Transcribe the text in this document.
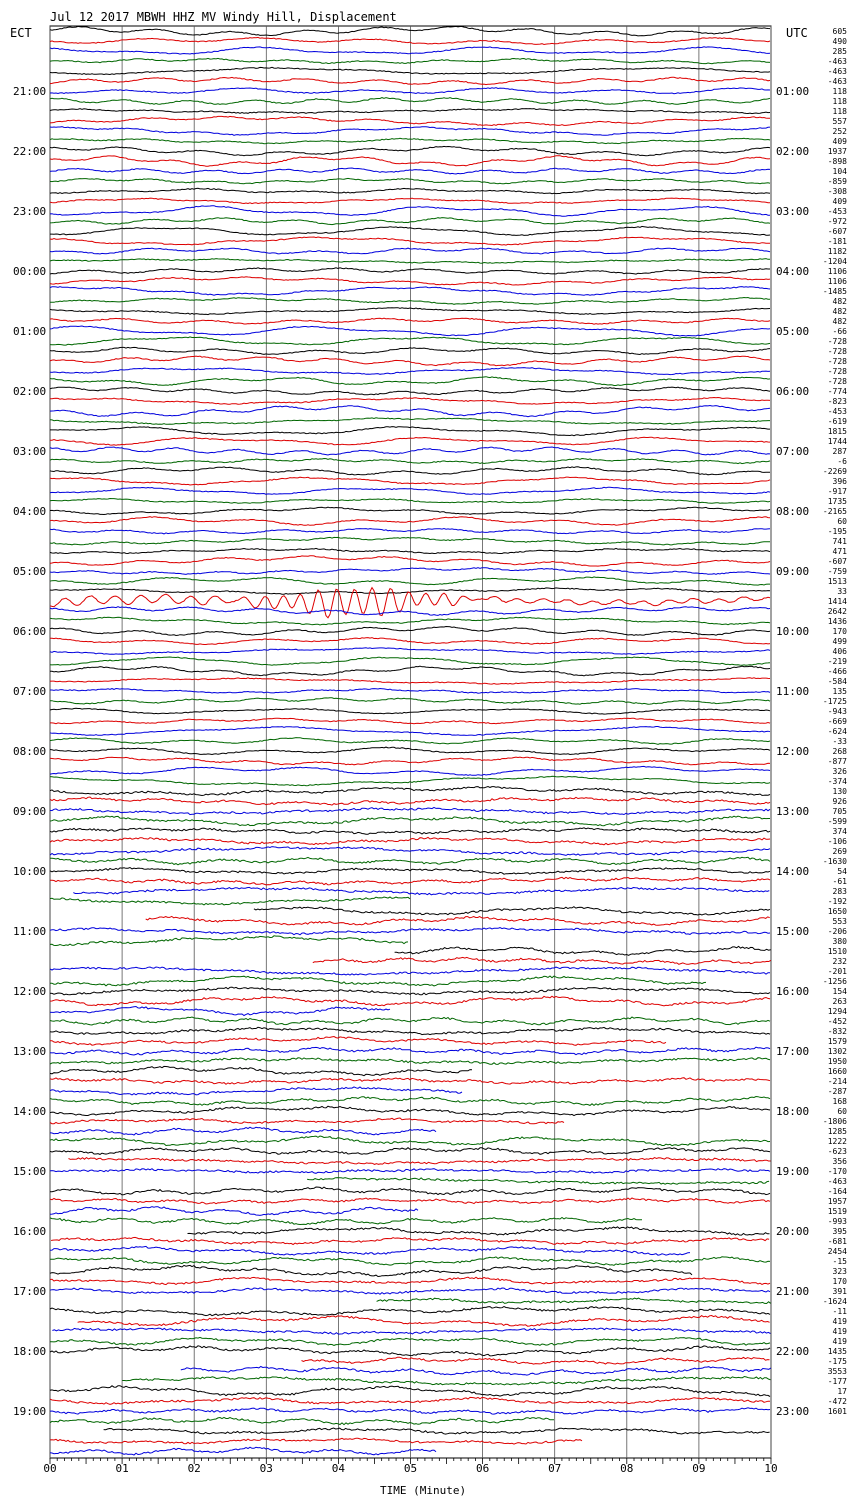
Jul 12 2017 MBWH HHZ MV Windy Hill, Displacement
ECT	UTC
00	01	02	03	04	05	06	07	08	09	10
21:00
22:00
23:00
00:00
01:00
02:00
03:00
04:00
05:00
06:00
07:00
08:00
09:00
10:00
11:00
12:00
13:00
14:00
15:00
16:00
17:00
18:00
19:00
01:00
02:00
03:00
04:00
05:00
06:00
07:00
08:00
09:00
10:00
11:00
12:00
13:00
14:00
15:00
16:00
17:00
18:00
19:00
20:00
21:00
22:00
23:00
605
490
285
-463
-463
-463
118
118
118
557
252
409
1937
-898
104
-859
-308
409
-453
-972
-607
-181
1182
-1204
1106
1106
-1485
482
482
482
-66
-728
-728
-728
-728
-728
-774
-823
-453
-619
1815
1744
287
-6
-2269
396
-917
1735
-2165
60
-195
741
471
-607
-759
1513
33
1414
2642
1436
170
499
406
-219
-466
-584
135
-1725
-943
-669
-624
-33
268
-877
326
-374
130
926
705
-599
374
-106
269
-1630
54
-61
283
-192
1650
553
-206
380
1510
232
-201
-1256
154
263
1294
-452
-832
1579
1302
1950
1660
-214
-287
168
60
-1806
1285
1222
-623
356
-170
-463
-164
1957
1519
-993
395
-681
2454
-15
323
170
391
-1624
-11
419
419
419
1435
-175
3553
-177
17
-472
1601
TIME (Minute)
